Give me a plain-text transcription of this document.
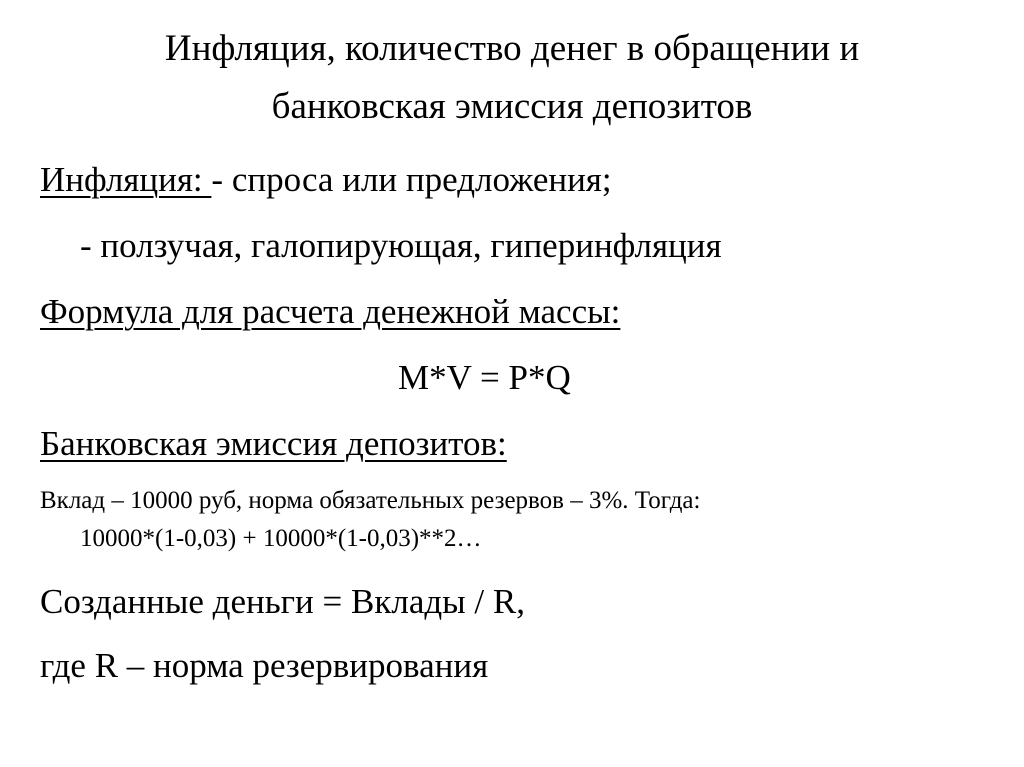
Инфляция, количество денег в обращении и
банковская эмиссия депозитов

Инфляция: - спроса или предложения;

- ползучая, галопирующая, гиперинфляция

Формула для расчета денежной массы:

M*V = P*Q

Банковская эмиссия депозитов:

Вклад – 10000 руб, норма обязательных резервов – 3%. Тогда:

10000*(1-0,03) + 10000*(1-0,03)**2…

Созданные деньги = Вклады / R,

где R – норма резервирования
